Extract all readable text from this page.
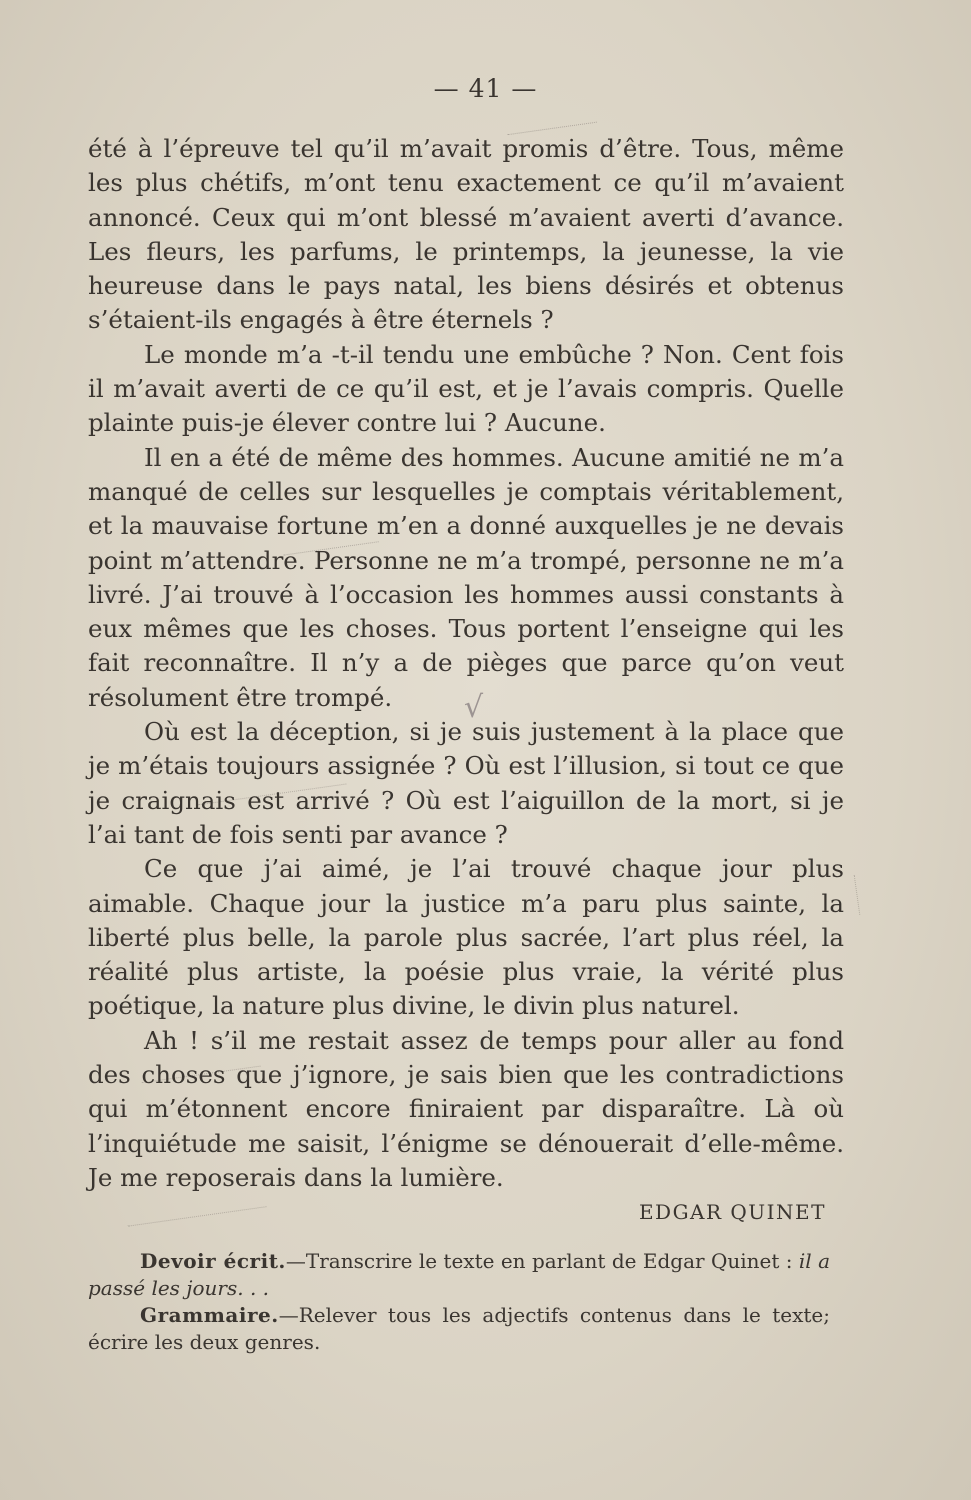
— 41 —
√

été à l’épreuve tel qu’il m’avait promis d’être. Tous, même les plus chétifs, m’ont tenu exactement ce qu’il m’avaient annoncé. Ceux qui m’ont blessé m’avaient averti d’avance. Les fleurs, les parfums, le printemps, la jeunesse, la vie heureuse dans le pays natal, les biens désirés et obtenus s’étaient-ils engagés à être éternels ?

Le monde m’a -t-il tendu une embûche ? Non. Cent fois il m’avait averti de ce qu’il est, et je l’avais compris. Quelle plainte puis-je élever contre lui ? Aucune.

Il en a été de même des hommes. Aucune amitié ne m’a manqué de celles sur lesquelles je comptais véritablement, et la mauvaise fortune m’en a donné auxquelles je ne devais point m’attendre. Personne ne m’a trompé, personne ne m’a livré. J’ai trouvé à l’occasion les hommes aussi constants à eux mêmes que les choses. Tous portent l’enseigne qui les fait reconnaître. Il n’y a de pièges que parce qu’on veut résolument être trompé.

Où est la déception, si je suis justement à la place que je m’étais toujours assignée ? Où est l’illusion, si tout ce que je craignais est arrivé ? Où est l’aiguillon de la mort, si je l’ai tant de fois senti par avance ?

Ce que j’ai aimé, je l’ai trouvé chaque jour plus aimable. Chaque jour la justice m’a paru plus sainte, la liberté plus belle, la parole plus sacrée, l’art plus réel, la réalité plus artiste, la poésie plus vraie, la vérité plus poétique, la nature plus divine, le divin plus naturel.

Ah ! s’il me restait assez de temps pour aller au fond des choses que j’ignore, je sais bien que les contradictions qui m’étonnent encore finiraient par disparaître. Là où l’inquiétude me saisit, l’énigme se dénouerait d’elle-même. Je me reposerais dans la lumière.

EDGAR QUINET

Devoir écrit.—Transcrire le texte en parlant de Edgar Quinet : il a passé les jours. . .

Grammaire.—Relever tous les adjectifs contenus dans le texte; écrire les deux genres.
